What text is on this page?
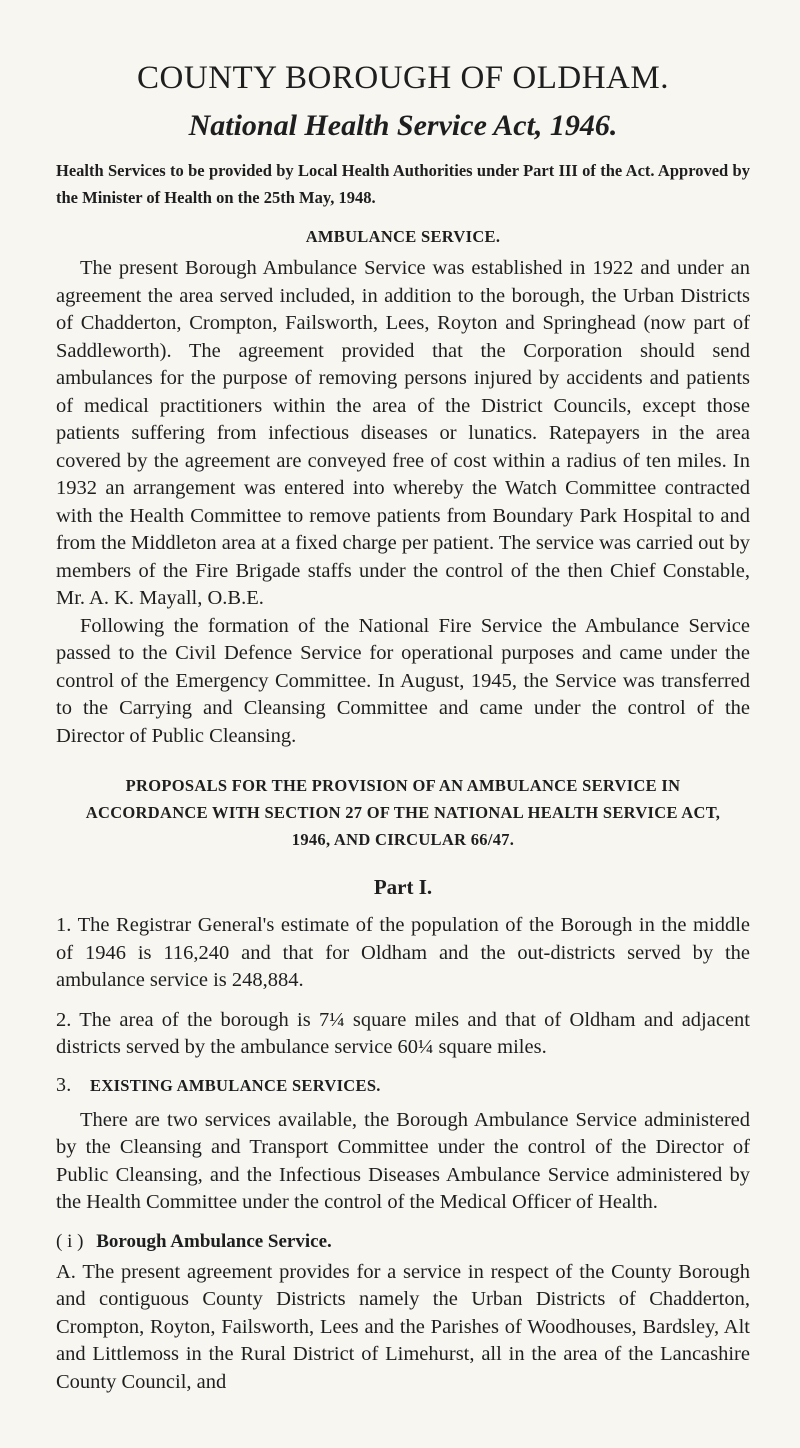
COUNTY BOROUGH OF OLDHAM.
National Health Service Act, 1946.
Health Services to be provided by Local Health Authorities under Part III of the Act. Approved by the Minister of Health on the 25th May, 1948.
AMBULANCE SERVICE.

The present Borough Ambulance Service was established in 1922 and under an agreement the area served included, in addition to the borough, the Urban Districts of Chadderton, Crompton, Failsworth, Lees, Royton and Springhead (now part of Saddleworth). The agreement provided that the Corporation should send ambulances for the purpose of removing persons injured by accidents and patients of medical practitioners within the area of the District Councils, except those patients suffering from infectious diseases or lunatics. Ratepayers in the area covered by the agreement are conveyed free of cost within a radius of ten miles. In 1932 an arrangement was entered into whereby the Watch Committee contracted with the Health Committee to remove patients from Boundary Park Hospital to and from the Middleton area at a fixed charge per patient. The service was carried out by members of the Fire Brigade staffs under the control of the then Chief Constable, Mr. A. K. Mayall, O.B.E.

Following the formation of the National Fire Service the Ambulance Service passed to the Civil Defence Service for operational purposes and came under the control of the Emergency Committee. In August, 1945, the Service was transferred to the Carrying and Cleansing Committee and came under the control of the Director of Public Cleansing.

PROPOSALS FOR THE PROVISION OF AN AMBULANCE SERVICE IN ACCORDANCE WITH SECTION 27 OF THE NATIONAL HEALTH SERVICE ACT, 1946, AND CIRCULAR 66/47.
Part I.
1. The Registrar General's estimate of the population of the Borough in the middle of 1946 is 116,240 and that for Oldham and the out-districts served by the ambulance service is 248,884.
2. The area of the borough is 7¼ square miles and that of Oldham and adjacent districts served by the ambulance service 60¼ square miles.
3. EXISTING AMBULANCE SERVICES.

There are two services available, the Borough Ambulance Service administered by the Cleansing and Transport Committee under the control of the Director of Public Cleansing, and the Infectious Diseases Ambulance Service administered by the Health Committee under the control of the Medical Officer of Health.

( i ) Borough Ambulance Service.

A. The present agreement provides for a service in respect of the County Borough and contiguous County Districts namely the Urban Districts of Chadderton, Crompton, Royton, Failsworth, Lees and the Parishes of Woodhouses, Bardsley, Alt and Littlemoss in the Rural District of Limehurst, all in the area of the Lancashire County Council, and
